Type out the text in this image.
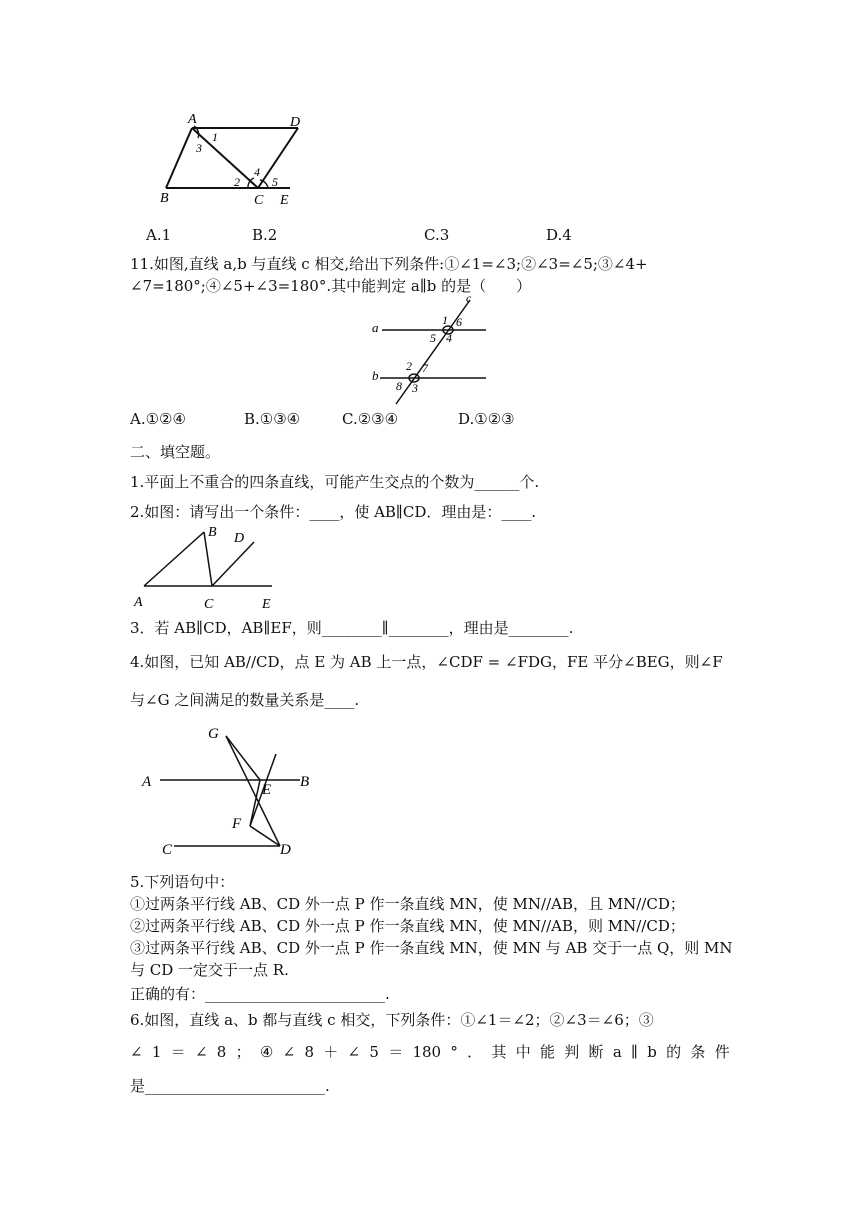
A	D
B	C E
1
3
2
4
5
A.1	B.2	C.3	D.4
11.如图,直线 a,b 与直线 c 相交,给出下列条件:①∠1=∠3;②∠3=∠5;③∠4+
∠7=180°;④∠5+∠3=180°.其中能判定 a∥b 的是（　　）
c
a
b
1 6
5 4
2 7
8 3
A.①②④	B.①③④	C.②③④	D.①②③
二、填空题。
1.平面上不重合的四条直线，可能产生交点的个数为______个.
2.如图：请写出一个条件：____，使 AB∥CD．理由是：____.
B D
A	C	E
3．若 AB∥CD，AB∥EF，则________∥________，理由是________.
4.如图，已知 AB//CD，点 E 为 AB 上一点，∠CDF = ∠FDG，FE 平分∠BEG，则∠F
与∠G 之间满足的数量关系是____.
G
A	B
E
F
C	D
5.下列语句中：
①过两条平行线 AB、CD 外一点 P 作一条直线 MN，使 MN//AB，且 MN//CD；
②过两条平行线 AB、CD 外一点 P 作一条直线 MN，使 MN//AB，则 MN//CD；
③过两条平行线 AB、CD 外一点 P 作一条直线 MN，使 MN 与 AB 交于一点 Q，则 MN
与 CD 一定交于一点 R.
正确的有：________________________.
6.如图，直线 a、b 都与直线 c 相交，下列条件：①∠1＝∠2；②∠3＝∠6；③
∠ 1 ＝ ∠ 8 ； ④ ∠ 8 ＋ ∠ 5 ＝ 180 ° ． 其 中 能 判 断 a ∥ b 的 条 件
是________________________.
